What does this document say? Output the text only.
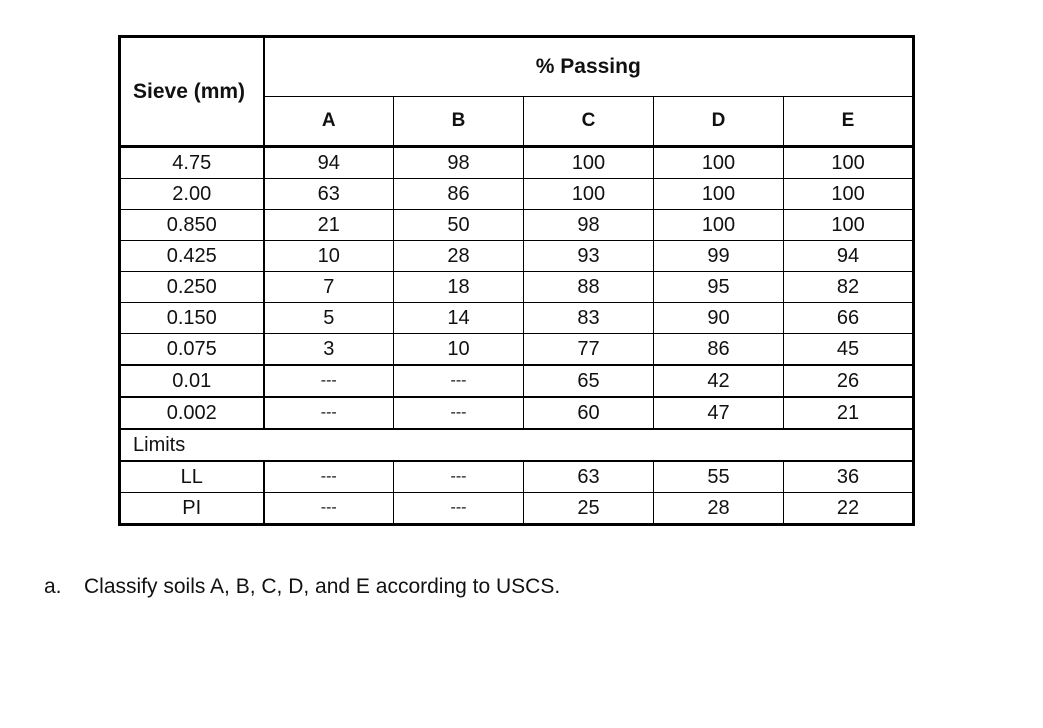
Sieve (mm)	% Passing				
	A	B	C	D	E
4.75	94	98	100	100	100
2.00	63	86	100	100	100
0.850	21	50	98	100	100
0.425	10	28	93	99	94
0.250	7	18	88	95	82
0.150	5	14	83	90	66
0.075	3	10	77	86	45
0.01	---	---	65	42	26
0.002	---	---	60	47	21
Limits					
LL	---	---	63	55	36
PI	---	---	25	28	22
a. Classify soils A, B, C, D, and E according to USCS.
